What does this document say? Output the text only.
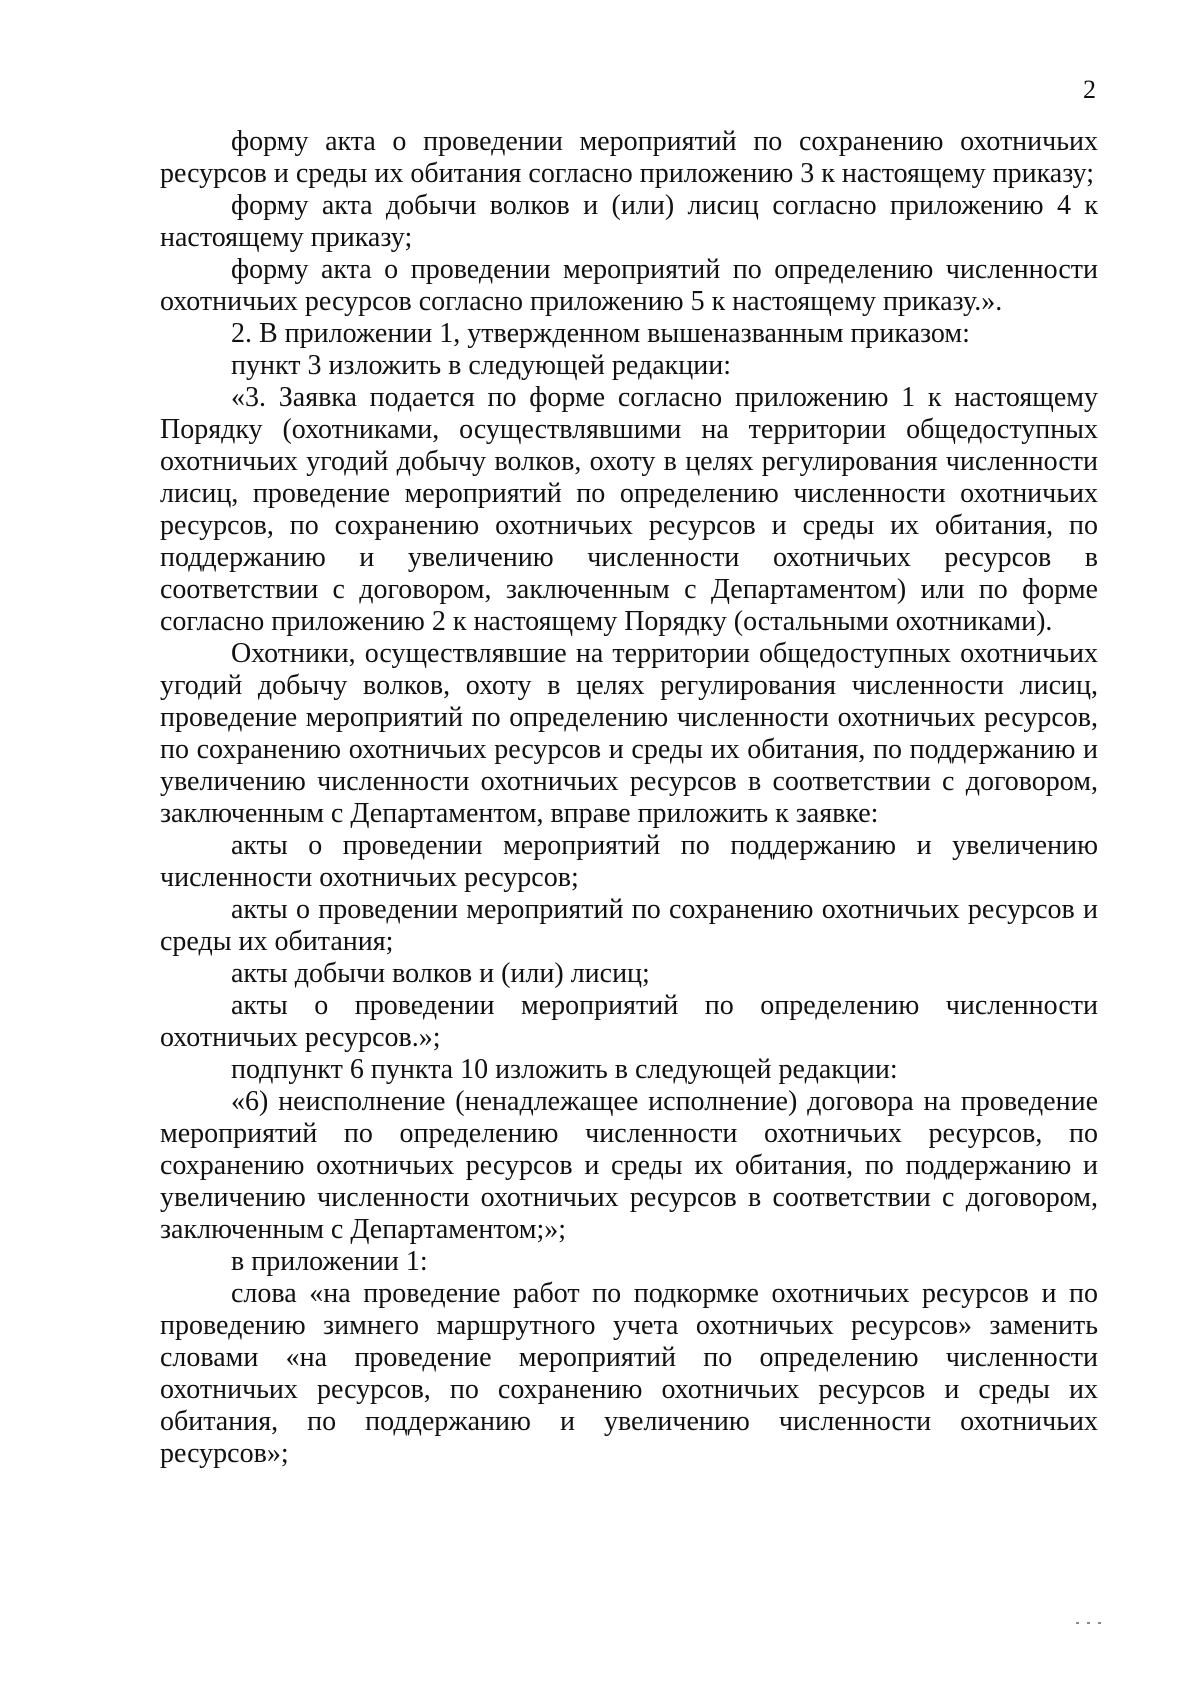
2

форму акта о проведении мероприятий по сохранению охотничьих ресурсов и среды их обитания согласно приложению 3 к настоящему приказу;

форму акта добычи волков и (или) лисиц согласно приложению 4 к настоящему приказу;

форму акта о проведении мероприятий по определению численности охотничьих ресурсов согласно приложению 5 к настоящему приказу.».

2. В приложении 1, утвержденном вышеназванным приказом:

пункт 3 изложить в следующей редакции:

«3. Заявка подается по форме согласно приложению 1 к настоящему Порядку (охотниками, осуществлявшими на территории общедоступных охотничьих угодий добычу волков, охоту в целях регулирования численности лисиц, проведение мероприятий по определению численности охотничьих ресурсов, по сохранению охотничьих ресурсов и среды их обитания, по поддержанию и увеличению численности охотничьих ресурсов в соответствии с договором, заключенным с Департаментом) или по форме согласно приложению 2 к настоящему Порядку (остальными охотниками).

Охотники, осуществлявшие на территории общедоступных охотничьих угодий добычу волков, охоту в целях регулирования численности лисиц, проведение мероприятий по определению численности охотничьих ресурсов, по сохранению охотничьих ресурсов и среды их обитания, по поддержанию и увеличению численности охотничьих ресурсов в соответствии с договором, заключенным с Департаментом, вправе приложить к заявке:

акты о проведении мероприятий по поддержанию и увеличению численности охотничьих ресурсов;

акты о проведении мероприятий по сохранению охотничьих ресурсов и среды их обитания;

акты добычи волков и (или) лисиц;

акты о проведении мероприятий по определению численности охотничьих ресурсов.»;

подпункт 6 пункта 10 изложить в следующей редакции:

«6) неисполнение (ненадлежащее исполнение) договора на проведение мероприятий по определению численности охотничьих ресурсов, по сохранению охотничьих ресурсов и среды их обитания, по поддержанию и увеличению численности охотничьих ресурсов в соответствии с договором, заключенным с Департаментом;»;

в приложении 1:

слова «на проведение работ по подкормке охотничьих ресурсов и по проведению зимнего маршрутного учета охотничьих ресурсов» заменить словами «на проведение мероприятий по определению численности охотничьих ресурсов, по сохранению охотничьих ресурсов и среды их обитания, по поддержанию и увеличению численности охотничьих ресурсов»;
